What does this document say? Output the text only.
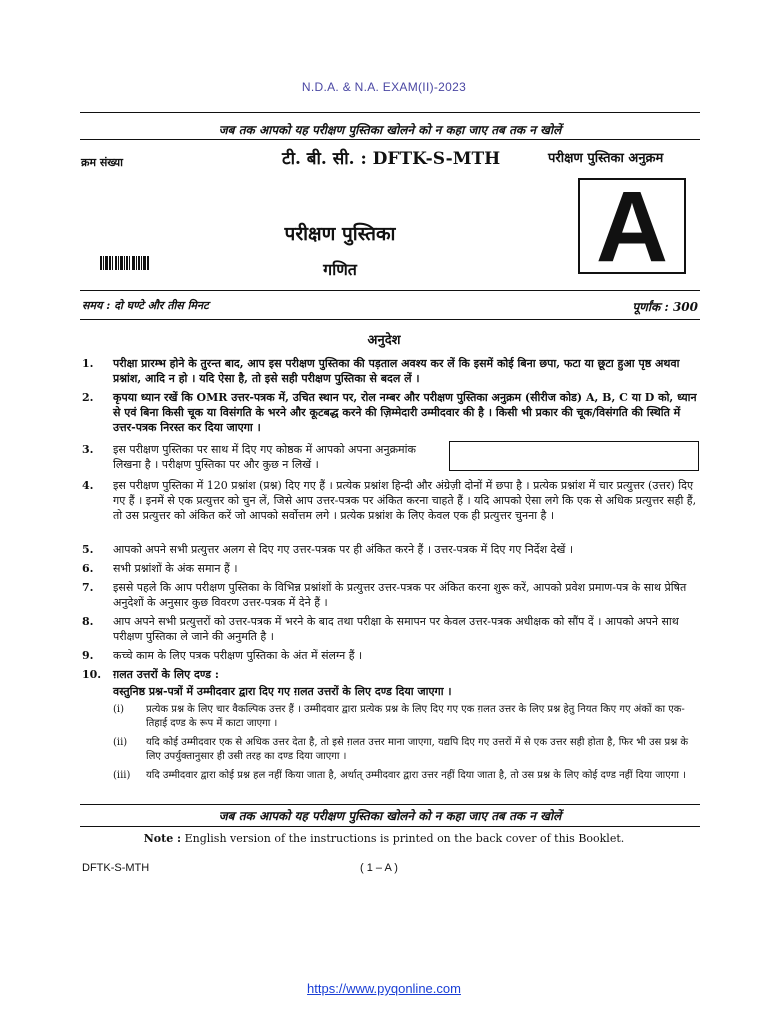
N.D.A. & N.A. EXAM(II)-2023
जब तक आपको यह परीक्षण पुस्तिका खोलने को न कहा जाए तब तक न खोलें
क्रम संख्या	टी. बी. सी. : DFTK-S-MTH	परीक्षण पुस्तिका अनुक्रम
A
परीक्षण पुस्तिका
गणित
समय : दो घण्टे और तीस मिनट	पूर्णांक : 300
अनुदेश
1. परीक्षा प्रारम्भ होने के तुरन्त बाद, आप इस परीक्षण पुस्तिका की पड़ताल अवश्य कर लें कि इसमें कोई बिना छपा, फटा या छूटा हुआ पृष्ठ अथवा प्रश्नांश, आदि न हो । यदि ऐसा है, तो इसे सही परीक्षण पुस्तिका से बदल लें ।
2. कृपया ध्यान रखें कि OMR उत्तर-पत्रक में, उचित स्थान पर, रोल नम्बर और परीक्षण पुस्तिका अनुक्रम (सीरीज कोड) A, B, C या D को, ध्यान से एवं बिना किसी चूक या विसंगति के भरने और कूटबद्ध करने की ज़िम्मेदारी उम्मीदवार की है । किसी भी प्रकार की चूक/विसंगति की स्थिति में उत्तर-पत्रक निरस्त कर दिया जाएगा ।
3. इस परीक्षण पुस्तिका पर साथ में दिए गए कोष्ठक में आपको अपना अनुक्रमांक लिखना है । परीक्षण पुस्तिका पर और कुछ न लिखें ।
4. इस परीक्षण पुस्तिका में 120 प्रश्नांश (प्रश्न) दिए गए हैं । प्रत्येक प्रश्नांश हिन्दी और अंग्रेज़ी दोनों में छपा है । प्रत्येक प्रश्नांश में चार प्रत्युत्तर (उत्तर) दिए गए हैं । इनमें से एक प्रत्युत्तर को चुन लें, जिसे आप उत्तर-पत्रक पर अंकित करना चाहते हैं । यदि आपको ऐसा लगे कि एक से अधिक प्रत्युत्तर सही हैं, तो उस प्रत्युत्तर को अंकित करें जो आपको सर्वोत्तम लगे । प्रत्येक प्रश्नांश के लिए केवल एक ही प्रत्युत्तर चुनना है ।
5. आपको अपने सभी प्रत्युत्तर अलग से दिए गए उत्तर-पत्रक पर ही अंकित करने हैं । उत्तर-पत्रक में दिए गए निर्देश देखें ।
6. सभी प्रश्नांशों के अंक समान हैं ।
7. इससे पहले कि आप परीक्षण पुस्तिका के विभिन्न प्रश्नांशों के प्रत्युत्तर उत्तर-पत्रक पर अंकित करना शुरू करें, आपको प्रवेश प्रमाण-पत्र के साथ प्रेषित अनुदेशों के अनुसार कुछ विवरण उत्तर-पत्रक में देने हैं ।
8. आप अपने सभी प्रत्युत्तरों को उत्तर-पत्रक में भरने के बाद तथा परीक्षा के समापन पर केवल उत्तर-पत्रक अधीक्षक को सौंप दें । आपको अपने साथ परीक्षण पुस्तिका ले जाने की अनुमति है ।
9. कच्चे काम के लिए पत्रक परीक्षण पुस्तिका के अंत में संलग्न हैं ।
10. ग़लत उत्तरों के लिए दण्ड :
वस्तुनिष्ठ प्रश्न-पत्रों में उम्मीदवार द्वारा दिए गए ग़लत उत्तरों के लिए दण्ड दिया जाएगा ।
(i) प्रत्येक प्रश्न के लिए चार वैकल्पिक उत्तर हैं । उम्मीदवार द्वारा प्रत्येक प्रश्न के लिए दिए गए एक ग़लत उत्तर के लिए प्रश्न हेतु नियत किए गए अंकों का एक-तिहाई दण्ड के रूप में काटा जाएगा ।
(ii) यदि कोई उम्मीदवार एक से अधिक उत्तर देता है, तो इसे ग़लत उत्तर माना जाएगा, यद्यपि दिए गए उत्तरों में से एक उत्तर सही होता है, फिर भी उस प्रश्न के लिए उपर्युक्तानुसार ही उसी तरह का दण्ड दिया जाएगा ।
(iii) यदि उम्मीदवार द्वारा कोई प्रश्न हल नहीं किया जाता है, अर्थात् उम्मीदवार द्वारा उत्तर नहीं दिया जाता है, तो उस प्रश्न के लिए कोई दण्ड नहीं दिया जाएगा ।
जब तक आपको यह परीक्षण पुस्तिका खोलने को न कहा जाए तब तक न खोलें
Note : English version of the instructions is printed on the back cover of this Booklet.
DFTK-S-MTH	( 1 – A )
https://www.pyqonline.com
